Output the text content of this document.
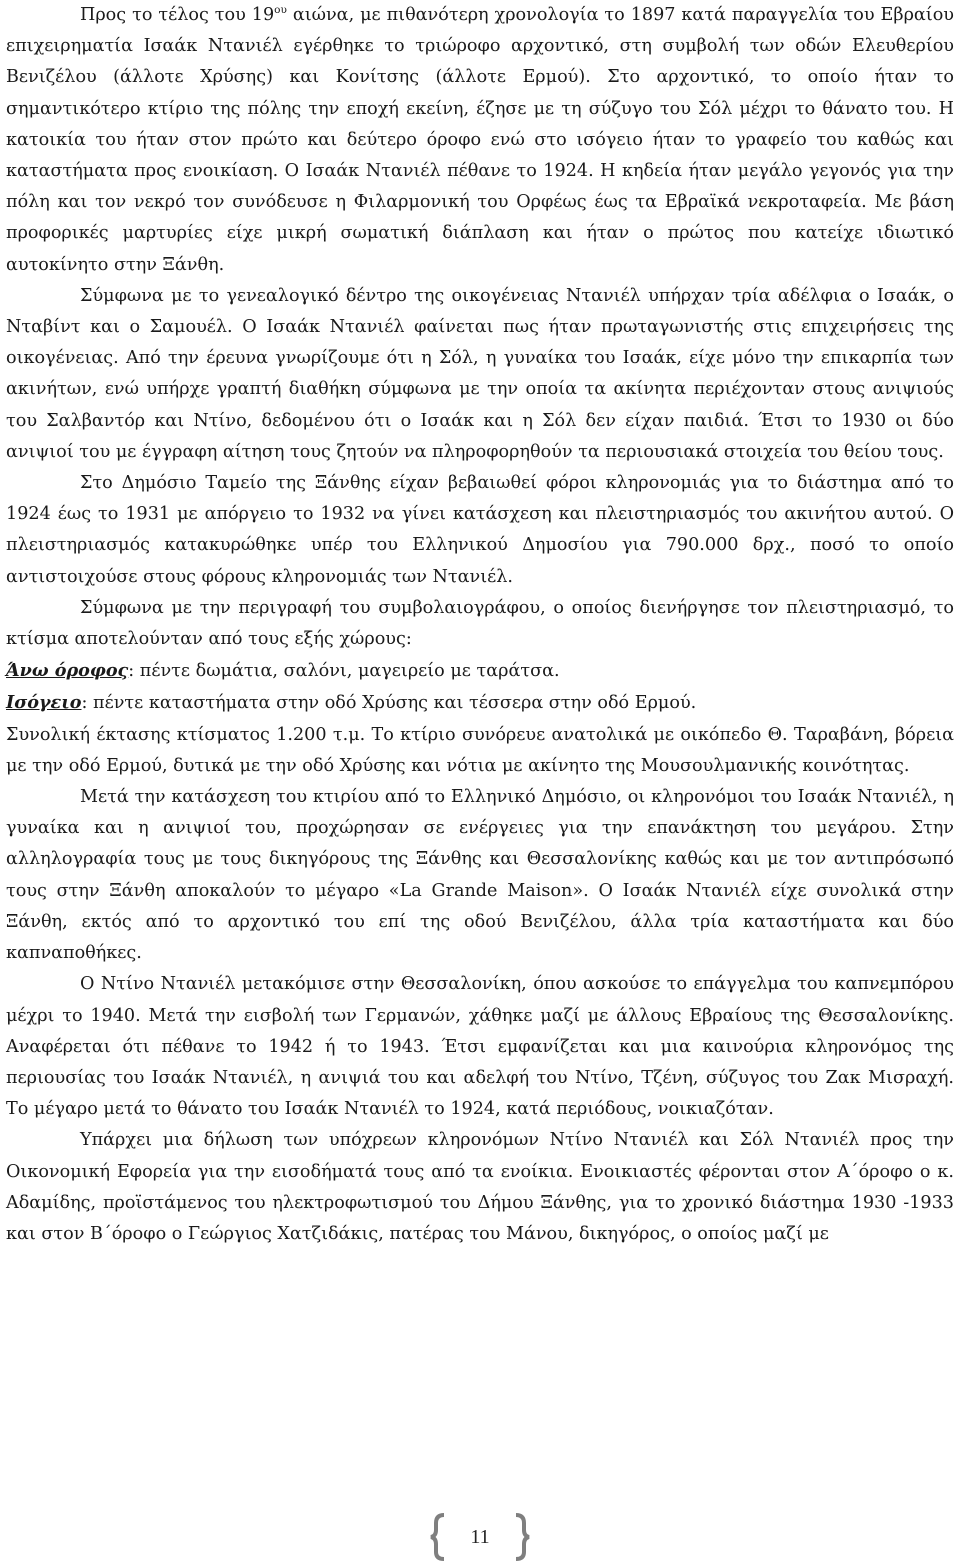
Προς το τέλος του $19^{o\upsilon}$ αιώνα, με πιθανότερη χρονολογία το 1897 κατά παραγγελία του Εβραίου επιχειρηματία Ισαάκ Ντανιέλ εγέρθηκε το τριώροφο αρχοντικό, στη συμβολή των οδών Ελευθερίου Βενιζέλου (άλλοτε Χρύσης) και Κονίτσης (άλλοτε Ερμού). Στο αρχοντικό, το οποίο ήταν το σημαντικότερο κτίριο της πόλης την εποχή εκείνη, έζησε με τη σύζυγο του Σόλ μέχρι το θάνατο του. Η κατοικία του ήταν στον πρώτο και δεύτερο όροφο ενώ στο ισόγειο ήταν το γραφείο του καθώς και καταστήματα προς ενοικίαση. Ο Ισαάκ Ντανιέλ πέθανε το 1924. Η κηδεία ήταν μεγάλο γεγονός για την πόλη και τον νεκρό τον συνόδευσε η Φιλαρμονική του Ορφέως έως τα Εβραϊκά νεκροταφεία. Με βάση προφορικές μαρτυρίες είχε μικρή σωματική διάπλαση και ήταν ο πρώτος που κατείχε ιδιωτικό αυτοκίνητο στην Ξάνθη.

Σύμφωνα με το γενεαλογικό δέντρο της οικογένειας Ντανιέλ υπήρχαν τρία αδέλφια ο Ισαάκ, ο Νταβίντ και ο Σαμουέλ. Ο Ισαάκ Ντανιέλ φαίνεται πως ήταν πρωταγωνιστής στις επιχειρήσεις της οικογένειας. Από την έρευνα γνωρίζουμε ότι η Σόλ, η γυναίκα του Ισαάκ, είχε μόνο την επικαρπία των ακινήτων, ενώ υπήρχε γραπτή διαθήκη σύμφωνα με την οποία τα ακίνητα περιέχονταν στους ανιψιούς του Σαλβαντόρ και Ντίνο, δεδομένου ότι ο Ισαάκ και η Σόλ δεν είχαν παιδιά. Έτσι το 1930 οι δύο ανιψιοί του με έγγραφη αίτηση τους ζητούν να πληροφορηθούν τα περιουσιακά στοιχεία του θείου τους.

Στο Δημόσιο Ταμείο της Ξάνθης είχαν βεβαιωθεί φόροι κληρονομιάς για το διάστημα από το 1924 έως το 1931 με απόργειο το 1932 να γίνει κατάσχεση και πλειστηριασμός του ακινήτου αυτού. Ο πλειστηριασμός κατακυρώθηκε υπέρ του Ελληνικού Δημοσίου για 790.000 δρχ., ποσό το οποίο αντιστοιχούσε στους φόρους κληρονομιάς των Ντανιέλ.

Σύμφωνα με την περιγραφή του συμβολαιογράφου, ο οποίος διενήργησε τον πλειστηριασμό, το κτίσμα αποτελούνταν από τους εξής χώρους:

Άνω όροφος: πέντε δωμάτια, σαλόνι, μαγειρείο με ταράτσα.

Ισόγειο: πέντε καταστήματα στην οδό Χρύσης και τέσσερα στην οδό Ερμού.

Συνολική έκτασης κτίσματος 1.200 τ.μ. Το κτίριο συνόρευε ανατολικά με οικόπεδο Θ. Ταραβάνη, βόρεια με την οδό Ερμού, δυτικά με την οδό Χρύσης και νότια με ακίνητο της Μουσουλμανικής κοινότητας.

Μετά την κατάσχεση του κτιρίου από το Ελληνικό Δημόσιο, οι κληρονόμοι του Ισαάκ Ντανιέλ, η γυναίκα και η ανιψιοί του, προχώρησαν σε ενέργειες για την επανάκτηση του μεγάρου. Στην αλληλογραφία τους με τους δικηγόρους της Ξάνθης και Θεσσαλονίκης καθώς και με τον αντιπρόσωπό τους στην Ξάνθη αποκαλούν το μέγαρο «La Grande Maison». Ο Ισαάκ Ντανιέλ είχε συνολικά στην Ξάνθη, εκτός από το αρχοντικό του επί της οδού Βενιζέλου, άλλα τρία καταστήματα και δύο καπναποθήκες.

Ο Ντίνο Ντανιέλ μετακόμισε στην Θεσσαλονίκη, όπου ασκούσε το επάγγελμα του καπνεμπόρου μέχρι το 1940. Μετά την εισβολή των Γερμανών, χάθηκε μαζί με άλλους Εβραίους της Θεσσαλονίκης. Αναφέρεται ότι πέθανε το 1942 ή το 1943. Έτσι εμφανίζεται και μια καινούρια κληρονόμος της περιουσίας του Ισαάκ Ντανιέλ, η ανιψιά του και αδελφή του Ντίνο, Τζένη, σύζυγος του Ζακ Μισραχή. Το μέγαρο μετά το θάνατο του Ισαάκ Ντανιέλ το 1924, κατά περιόδους, νοικιαζόταν.

Υπάρχει μια δήλωση των υπόχρεων κληρονόμων Ντίνο Ντανιέλ και Σόλ Ντανιέλ προς την Οικονομική Εφορεία για την εισοδήματά τους από τα ενοίκια. Ενοικιαστές φέρονται στον Α΄όροφο ο κ. Αδαμίδης, προϊστάμενος του ηλεκτροφωτισμού του Δήμου Ξάνθης, για το χρονικό διάστημα 1930 -1933 και στον Β΄όροφο ο Γεώργιος Χατζιδάκις, πατέρας του Μάνου, δικηγόρος, ο οποίος μαζί με

11
